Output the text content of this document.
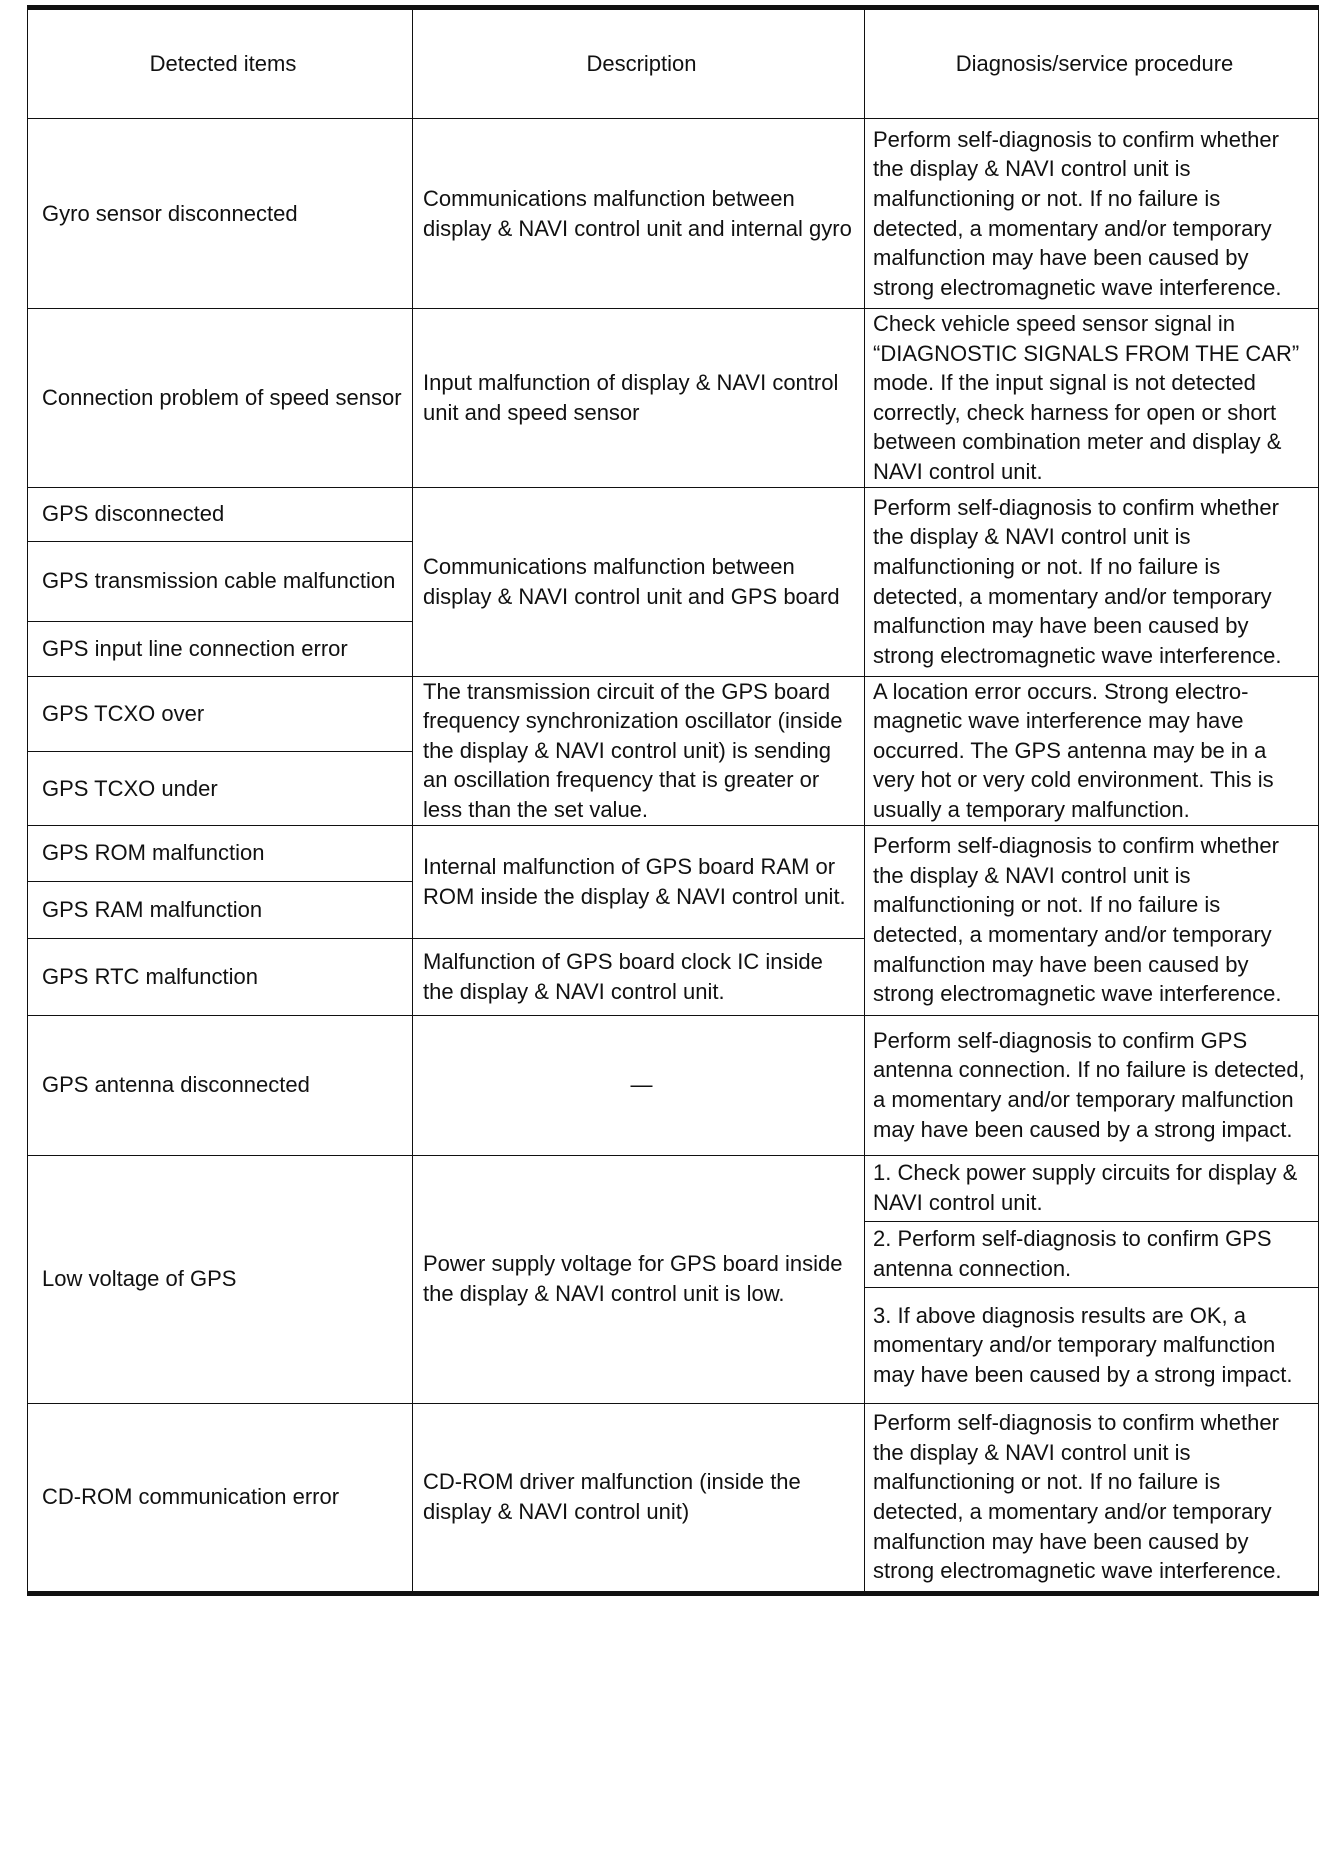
Detected items	Description	Diagnosis/service procedure
Gyro sensor disconnected	Communications malfunction between display & NAVI control unit and internal gyro	Perform self-diagnosis to confirm whether the display & NAVI control unit is malfunctioning or not. If no failure is detected, a momentary and/or temporary malfunction may have been caused by strong electromagnetic wave interference.
Connection problem of speed sensor	Input malfunction of display & NAVI control unit and speed sensor	Check vehicle speed sensor signal in “DIAGNOSTIC SIGNALS FROM THE CAR” mode. If the input signal is not detected correctly, check harness for open or short between combination meter and display & NAVI control unit.
GPS disconnected	Communications malfunction between display & NAVI control unit and GPS board	Perform self-diagnosis to confirm whether the display & NAVI control unit is malfunctioning or not. If no failure is detected, a momentary and/or temporary malfunction may have been caused by strong electromagnetic wave interference.
GPS transmission cable malfunction		
GPS input line connection error		
GPS TCXO over	The transmission circuit of the GPS board frequency synchronization oscillator (inside the display & NAVI control unit) is sending an oscillation frequency that is greater or less than the set value.	A location error occurs. Strong electromagnetic wave interference may have occurred. The GPS antenna may be in a very hot or very cold environment. This is usually a temporary malfunction.
GPS TCXO under		
GPS ROM malfunction	Internal malfunction of GPS board RAM or ROM inside the display & NAVI control unit.	Perform self-diagnosis to confirm whether the display & NAVI control unit is malfunctioning or not. If no failure is detected, a momentary and/or temporary malfunction may have been caused by strong electromagnetic wave interference.
GPS RAM malfunction		
GPS RTC malfunction	Malfunction of GPS board clock IC inside the display & NAVI control unit.	
GPS antenna disconnected	—	Perform self-diagnosis to confirm GPS antenna connection. If no failure is detected, a momentary and/or temporary malfunction may have been caused by a strong impact.
Low voltage of GPS	Power supply voltage for GPS board inside the display & NAVI control unit is low.	1. Check power supply circuits for display & NAVI control unit.
		2. Perform self-diagnosis to confirm GPS antenna connection.
		3. If above diagnosis results are OK, a momentary and/or temporary malfunction may have been caused by a strong impact.
CD-ROM communication error	CD-ROM driver malfunction (inside the display & NAVI control unit)	Perform self-diagnosis to confirm whether the display & NAVI control unit is malfunctioning or not. If no failure is detected, a momentary and/or temporary malfunction may have been caused by strong electromagnetic wave interference.
